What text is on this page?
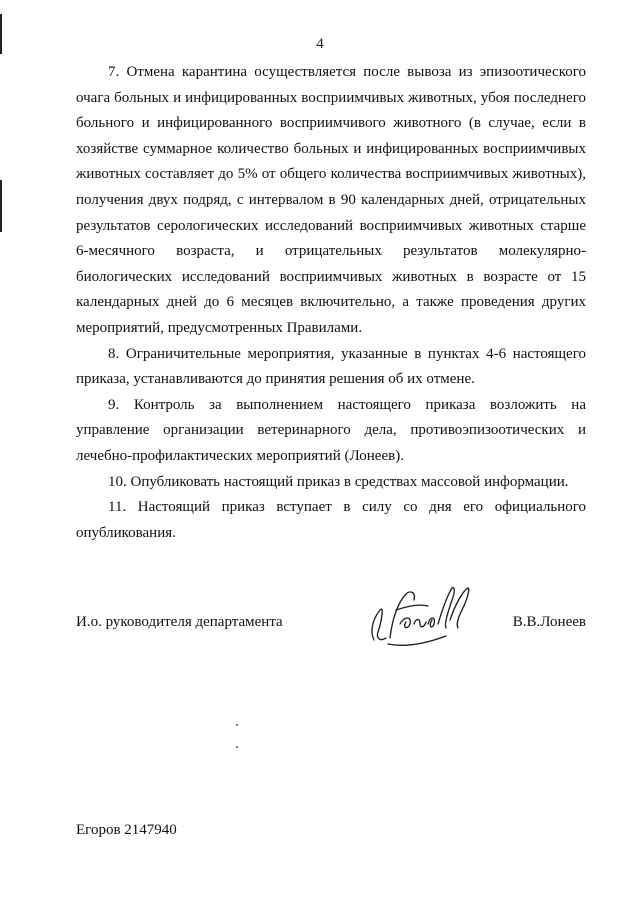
4

7. Отмена карантина осуществляется после вывоза из эпизоотического очага больных и инфицированных восприимчивых животных, убоя последнего больного и инфицированного восприимчивого животного (в случае, если в хозяйстве суммарное количество больных и инфицированных восприимчивых животных составляет до 5% от общего количества восприимчивых животных), получения двух подряд, с интервалом в 90 календарных дней, отрицательных результатов серологических исследований восприимчивых животных старше 6-месячного возраста, и отрицательных результатов молекулярно-биологических исследований восприимчивых животных в возрасте от 15 календарных дней до 6 месяцев включительно, а также проведения других мероприятий, предусмотренных Правилами.

8. Ограничительные мероприятия, указанные в пунктах 4-6 настоящего приказа, устанавливаются до принятия решения об их отмене.

9. Контроль за выполнением настоящего приказа возложить на управление организации ветеринарного дела, противоэпизоотических и лечебно-профилактических мероприятий (Лонеев).

10. Опубликовать настоящий приказ в средствах массовой информации.

11. Настоящий приказ вступает в силу со дня его официального опубликования.

И.о. руководителя департамента	В.В.Лонеев
Егоров 2147940
